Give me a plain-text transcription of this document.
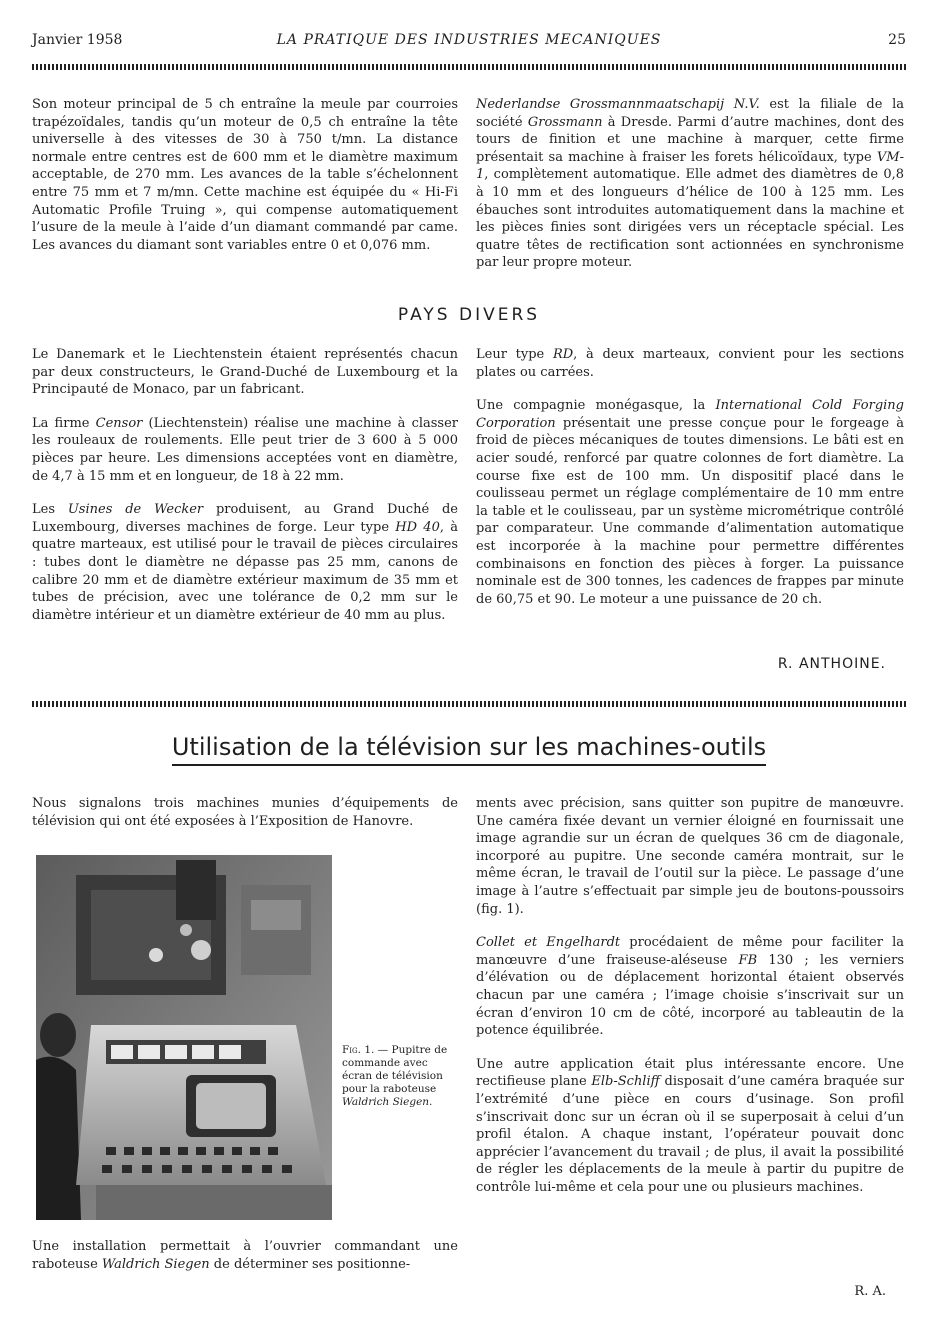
Janvier 1958	LA PRATIQUE DES INDUSTRIES MECANIQUES	25

Son moteur principal de 5 ch entraîne la meule par courroies trapézoïdales, tandis qu’un moteur de 0,5 ch entraîne la tête universelle à des vitesses de 30 à 750 t/mn. La distance normale entre centres est de 600 mm et le diamètre maximum acceptable, de 270 mm. Les avances de la table s’échelonnent entre 75 mm et 7 m/mn. Cette machine est équipée du « Hi-Fi Automatic Profile Truing », qui compense automatiquement l’usure de la meule à l’aide d’un diamant commandé par came. Les avances du diamant sont variables entre 0 et 0,076 mm.

Nederlandse Grossmannmaatschapij N.V. est la filiale de la société Grossmann à Dresde. Parmi d’autre machines, dont des tours de finition et une machine à marquer, cette firme présentait sa machine à fraiser les forets hélicoïdaux, type VM-1, complètement automatique. Elle admet des diamètres de 0,8 à 10 mm et des longueurs d’hélice de 100 à 125 mm. Les ébauches sont introduites automatiquement dans la machine et les pièces finies sont dirigées vers un réceptacle spécial. Les quatre têtes de rectification sont actionnées en synchronisme par leur propre moteur.

PAYS DIVERS

Le Danemark et le Liechtenstein étaient représentés chacun par deux constructeurs, le Grand-Duché de Luxembourg et la Principauté de Monaco, par un fabricant.

La firme Censor (Liechtenstein) réalise une machine à classer les rouleaux de roulements. Elle peut trier de 3 600 à 5 000 pièces par heure. Les dimensions acceptées vont en diamètre, de 4,7 à 15 mm et en longueur, de 18 à 22 mm.

Les Usines de Wecker produisent, au Grand Duché de Luxembourg, diverses machines de forge. Leur type HD 40, à quatre marteaux, est utilisé pour le travail de pièces circulaires : tubes dont le diamètre ne dépasse pas 25 mm, canons de calibre 20 mm et de diamètre extérieur maximum de 35 mm et tubes de précision, avec une tolérance de 0,2 mm sur le diamètre intérieur et un diamètre extérieur de 40 mm au plus.

Leur type RD, à deux marteaux, convient pour les sections plates ou carrées.

Une compagnie monégasque, la International Cold Forging Corporation présentait une presse conçue pour le forgeage à froid de pièces mécaniques de toutes dimensions. Le bâti est en acier soudé, renforcé par quatre colonnes de fort diamètre. La course fixe est de 100 mm. Un dispositif placé dans le coulisseau permet un réglage complémentaire de 10 mm entre la table et le coulisseau, par un système micrométrique contrôlé par comparateur. Une commande d’alimentation automatique est incorporée à la machine pour permettre différentes combinaisons en fonction des pièces à forger. La puissance nominale est de 300 tonnes, les cadences de frappes par minute de 60,75 et 90. Le moteur a une puissance de 20 ch.

R. ANTHOINE.
Utilisation de la télévision sur les machines-outils

Nous signalons trois machines munies d’équipements de télévision qui ont été exposées à l’Exposition de Hanovre.

Fig. 1. — Pupitre de commande avec écran de télévision pour la raboteuse Waldrich Siegen.

Une installation permettait à l’ouvrier commandant une raboteuse Waldrich Siegen de déterminer ses positionne-

ments avec précision, sans quitter son pupitre de manœuvre. Une caméra fixée devant un vernier éloigné en fournissait une image agrandie sur un écran de quelques 36 cm de diagonale, incorporé au pupitre. Une seconde caméra montrait, sur le même écran, le travail de l’outil sur la pièce. Le passage d’une image à l’autre s’effectuait par simple jeu de boutons-poussoirs (fig. 1).

Collet et Engelhardt procédaient de même pour faciliter la manœuvre d’une fraiseuse-aléseuse FB 130 ; les verniers d’élévation ou de déplacement horizontal étaient observés chacun par une caméra ; l’image choisie s’inscrivait sur un écran d’environ 10 cm de côté, incorporé au tableautin de la potence équilibrée.

Une autre application était plus intéressante encore. Une rectifieuse plane Elb-Schliff disposait d’une caméra braquée sur l’extrémité d’une pièce en cours d’usinage. Son profil s’inscrivait donc sur un écran où il se superposait à celui d’un profil étalon. A chaque instant, l’opérateur pouvait donc apprécier l’avancement du travail ; de plus, il avait la possibilité de régler les déplacements de la meule à partir du pupitre de contrôle lui-même et cela pour une ou plusieurs machines.

R. A.
